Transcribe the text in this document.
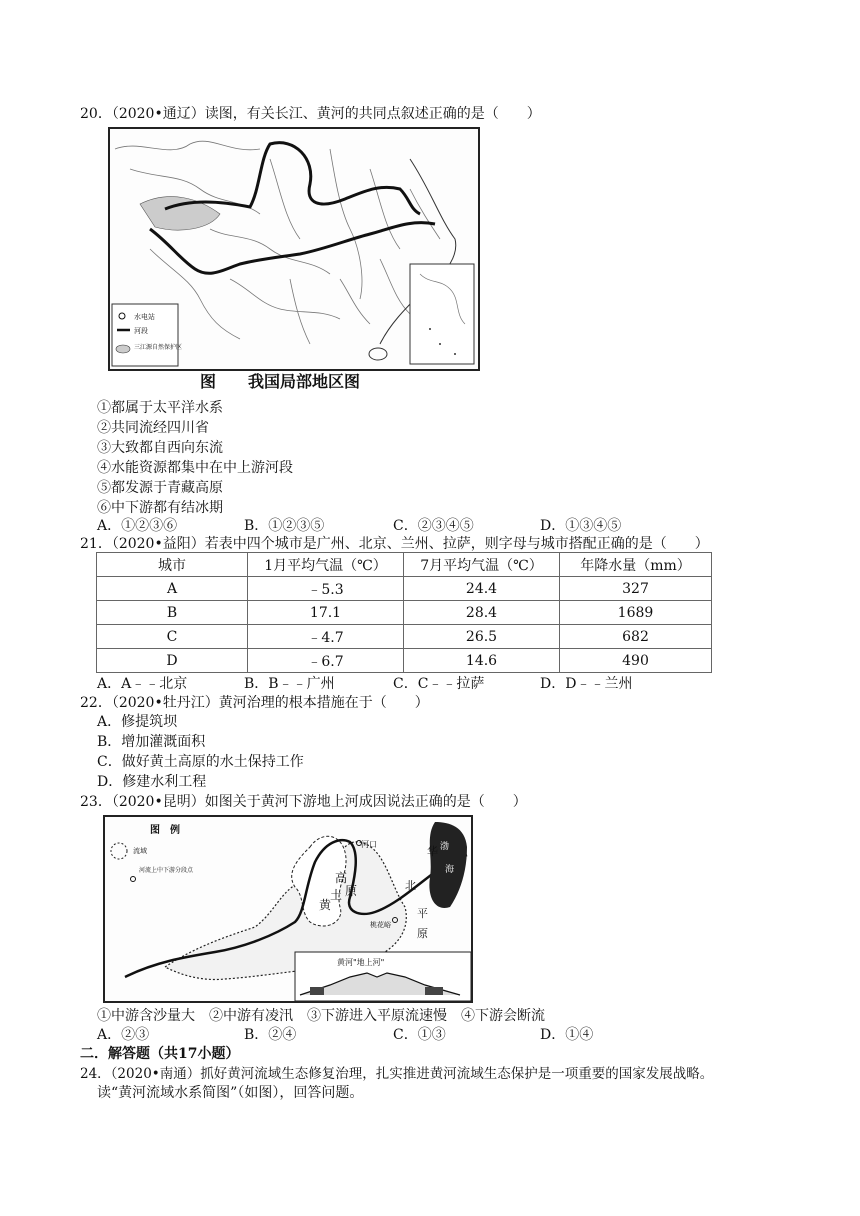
20．（2020•通辽）读图，有关长江、黄河的共同点叙述正确的是（　　）
水电站
河段
三江源自然保护区
图　　我国局部地区图
①都属于太平洋水系
②共同流经四川省
③大致都自西向东流
④水能资源都集中在中上游河段
⑤都发源于青藏高原
⑥中下游都有结冰期
A．①②③⑥	B．①②③⑤	C．②③④⑤	D．①③④⑤
21．（2020•益阳）若表中四个城市是广州、北京、兰州、拉萨，则字母与城市搭配正确的是（　　）
城市	1月平均气温（℃）	7月平均气温（℃）	年降水量（mm）
A	﹣5.3	24.4	327
B	17.1	28.4	1689
C	﹣4.7	26.5	682
D	﹣6.7	14.6	490
A．A﹣﹣北京	B．B﹣﹣广州	C．C﹣﹣拉萨	D．D﹣﹣兰州
22．（2020•牡丹江）黄河治理的根本措施在于（　　）
A．修提筑坝
B．增加灌溉面积
C．做好黄土高原的水土保持工作
D．修建水利工程
23．（2020•昆明）如图关于黄河下游地上河成因说法正确的是（　　）
图　例
流域
河流上中下游分段点
河口
华
北
平
原
黄
土
高
原
桃花峪
渤
海
黄河"地上河"
①中游含沙量大　②中游有凌汛　③下游进入平原流速慢　④下游会断流
A．②③	B．②④	C．①③	D．①④
二．解答题（共17小题）
24．（2020•南通）抓好黄河流域生态修复治理，扎实推进黄河流域生态保护是一项重要的国家发展战略。
读“黄河流域水系简图”（如图），回答问题。
